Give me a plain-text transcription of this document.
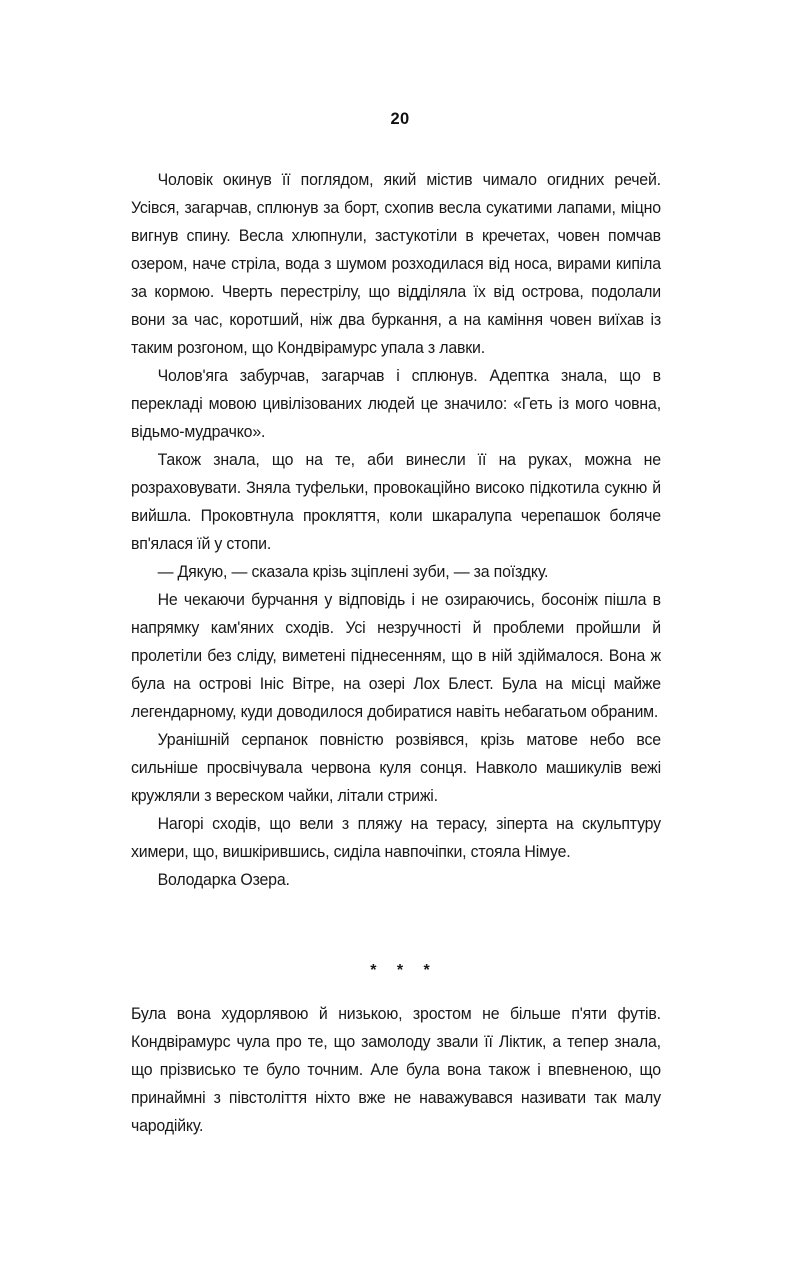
20

Чоловік окинув її поглядом, який містив чимало огидних речей. Усівся, загарчав, сплюнув за борт, схопив весла сукатими лапами, міцно вигнув спину. Весла хлюпнули, застукотіли в кречетах, човен помчав озером, наче стріла, вода з шумом розходилася від носа, вирами кипіла за кормою. Чверть перестрілу, що відділяла їх від острова, подолали вони за час, коротший, ніж два буркання, а на каміння човен виїхав із таким розгоном, що Кондвірамурс упала з лавки.

Чолов'яга забурчав, загарчав і сплюнув. Адептка знала, що в перекладі мовою цивілізованих людей це значило: «Геть із мого човна, відьмо-мудрачко».

Також знала, що на те, аби винесли її на руках, можна не розраховувати. Зняла туфельки, провокаційно високо підкотила сукню й вийшла. Проковтнула прокляття, коли шкаралупа черепашок боляче вп'ялася їй у стопи.

— Дякую, — сказала крізь зціплені зуби, — за поїздку.

Не чекаючи бурчання у відповідь і не озираючись, босоніж пішла в напрямку кам'яних сходів. Усі незручності й проблеми пройшли й пролетіли без сліду, виметені піднесенням, що в ній здіймалося. Вона ж була на острові Інic Вітре, на озері Лох Блест. Була на місці майже легендарному, куди доводилося добиратися навіть небагатьом обраним.

Уранішній серпанок повністю розвіявся, крізь матове небо все сильніше просвічувала червона куля сонця. Навколо машикулів вежі кружляли з вереском чайки, літали стрижі.

Нагорі сходів, що вели з пляжу на терасу, зіперта на скульптуру химери, що, вишкірившись, сиділа навпочіпки, стояла Німуе.

Володарка Озера.

* * *

Була вона худорлявою й низькою, зростом не більше п'яти футів. Кондвірамурс чула про те, що замолоду звали її Ліктик, а тепер знала, що прізвисько те було точним. Але була вона також і впевненою, що принаймні з півстоліття ніхто вже не наважувався називати так малу чародійку.
